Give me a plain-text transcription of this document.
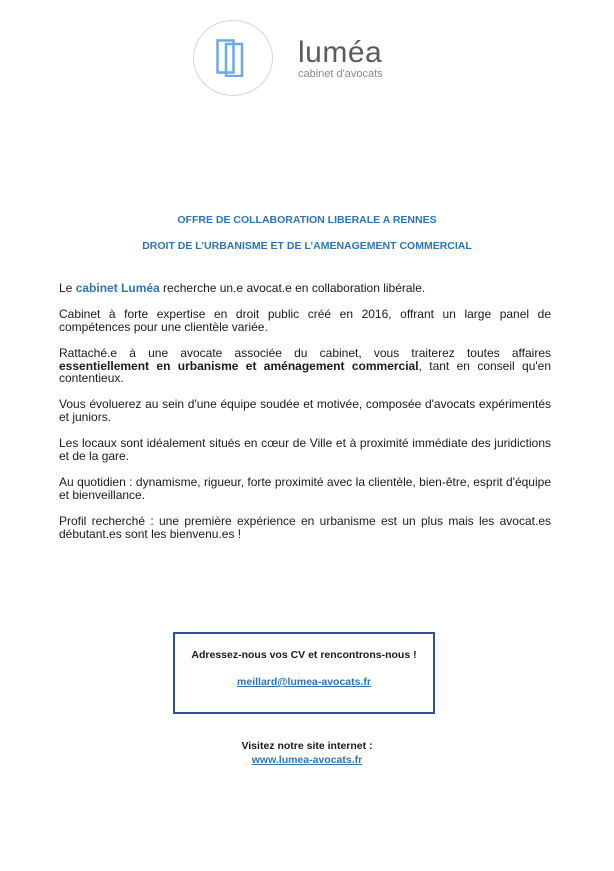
luméa
cabinet d'avocats
OFFRE DE COLLABORATION LIBERALE A RENNES
DROIT DE L’URBANISME ET DE L’AMENAGEMENT COMMERCIAL

Le cabinet Luméa recherche un.e avocat.e en collaboration libérale.

Cabinet à forte expertise en droit public créé en 2016, offrant un large panel de compétences pour une clientèle variée.

Rattaché.e à une avocate associée du cabinet, vous traiterez toutes affaires essentiellement en urbanisme et aménagement commercial, tant en conseil qu'en contentieux.

Vous évoluerez au sein d'une équipe soudée et motivée, composée d'avocats expérimentés et juniors.

Les locaux sont idéalement situés en cœur de Ville et à proximité immédiate des juridictions et de la gare.

Au quotidien : dynamisme, rigueur, forte proximité avec la clientèle, bien-être, esprit d'équipe et bienveillance.

Profil recherché : une première expérience en urbanisme est un plus mais les avocat.es débutant.es sont les bienvenu.es !

Adressez-nous vos CV et rencontrons-nous !
meillard@lumea-avocats.fr
Visitez notre site internet :
www.lumea-avocats.fr
